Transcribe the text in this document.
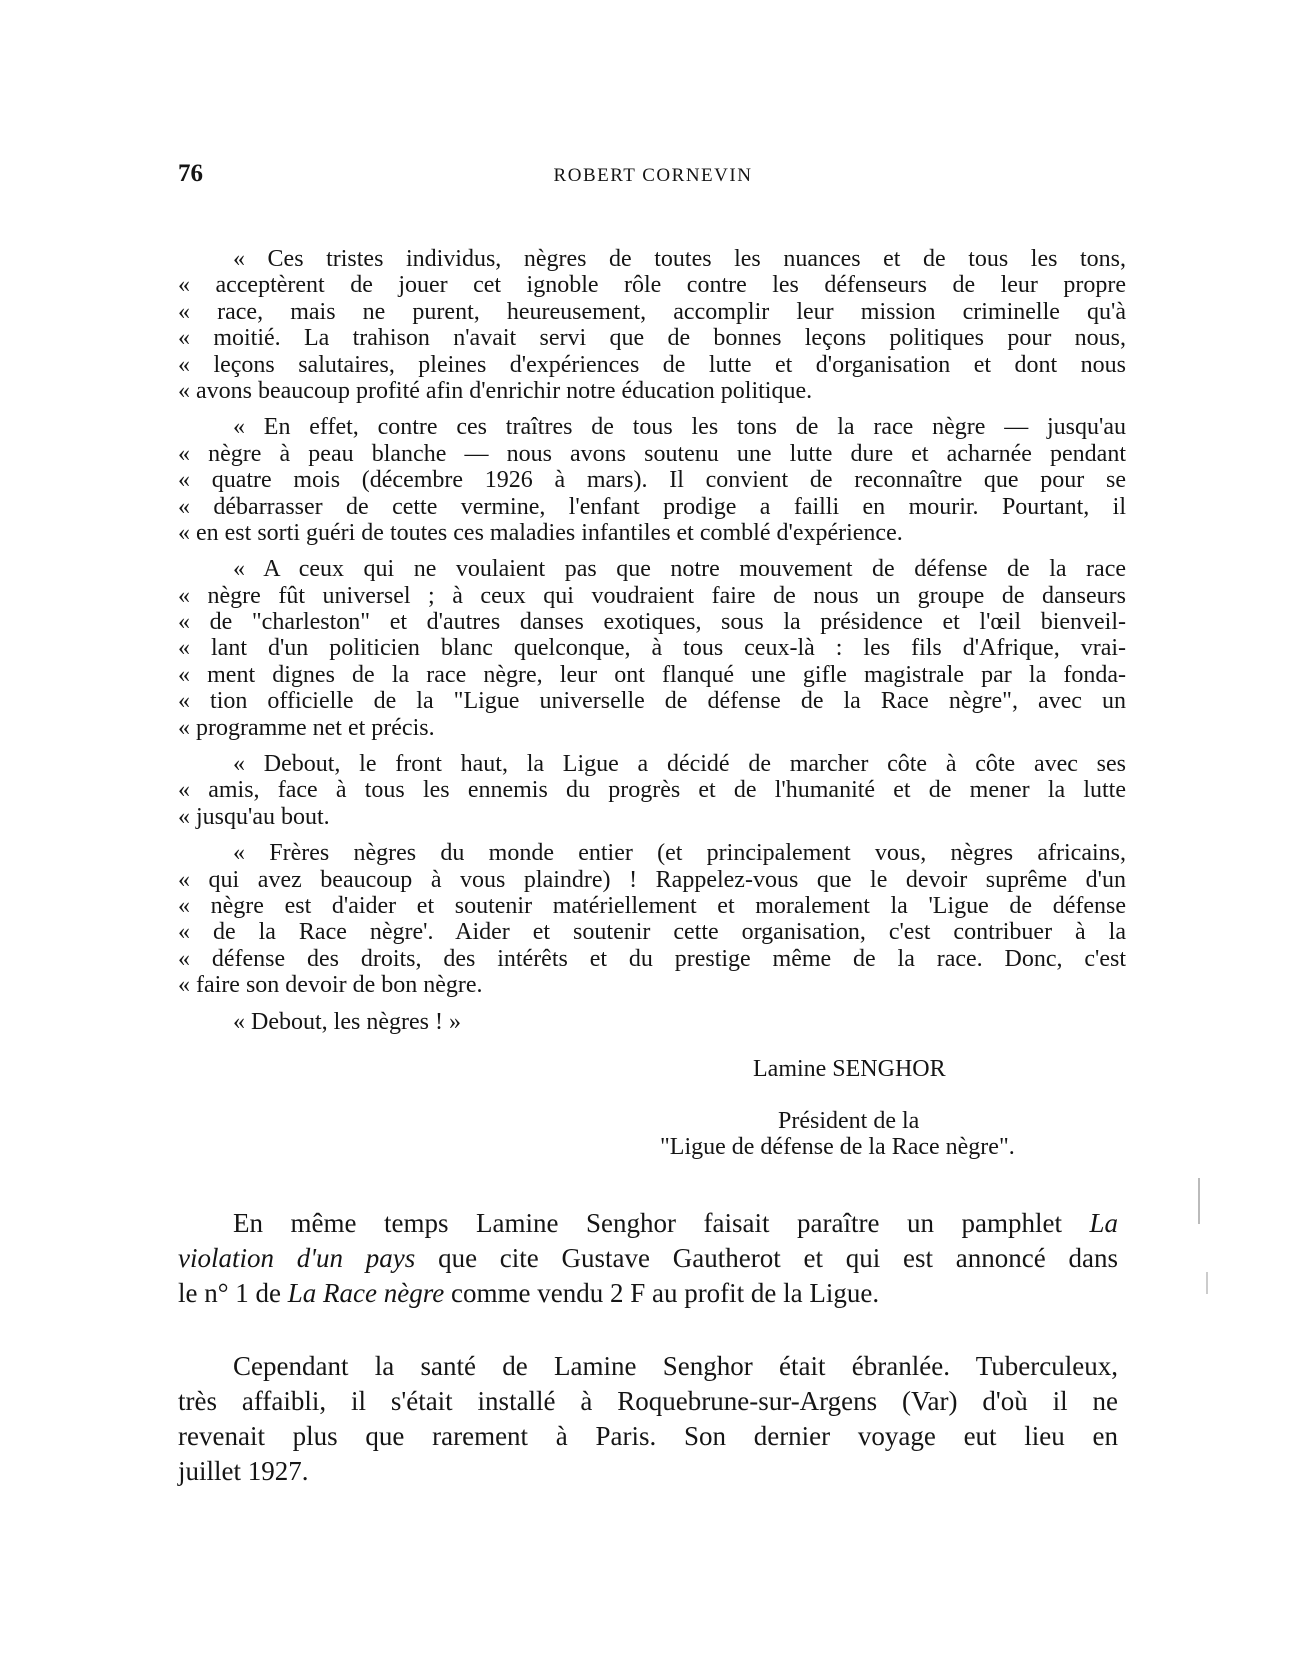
76	ROBERT CORNEVIN

« Ces tristes individus, nègres de toutes les nuances et de tous les tons,
« acceptèrent de jouer cet ignoble rôle contre les défenseurs de leur propre
« race, mais ne purent, heureusement, accomplir leur mission criminelle qu'à
« moitié. La trahison n'avait servi que de bonnes leçons politiques pour nous,
« leçons salutaires, pleines d'expériences de lutte et d'organisation et dont nous
« avons beaucoup profité afin d'enrichir notre éducation politique.

« En effet, contre ces traîtres de tous les tons de la race nègre — jusqu'au
« nègre à peau blanche — nous avons soutenu une lutte dure et acharnée pendant
« quatre mois (décembre 1926 à mars). Il convient de reconnaître que pour se
« débarrasser de cette vermine, l'enfant prodige a failli en mourir. Pourtant, il
« en est sorti guéri de toutes ces maladies infantiles et comblé d'expérience.

« A ceux qui ne voulaient pas que notre mouvement de défense de la race
« nègre fût universel ; à ceux qui voudraient faire de nous un groupe de danseurs
« de "charleston" et d'autres danses exotiques, sous la présidence et l'œil bienveil-
« lant d'un politicien blanc quelconque, à tous ceux-là : les fils d'Afrique, vrai-
« ment dignes de la race nègre, leur ont flanqué une gifle magistrale par la fonda-
« tion officielle de la "Ligue universelle de défense de la Race nègre", avec un
« programme net et précis.

« Debout, le front haut, la Ligue a décidé de marcher côte à côte avec ses
« amis, face à tous les ennemis du progrès et de l'humanité et de mener la lutte
« jusqu'au bout.

« Frères nègres du monde entier (et principalement vous, nègres africains,
« qui avez beaucoup à vous plaindre) ! Rappelez-vous que le devoir suprême d'un
« nègre est d'aider et soutenir matériellement et moralement la 'Ligue de défense
« de la Race nègre'. Aider et soutenir cette organisation, c'est contribuer à la
« défense des droits, des intérêts et du prestige même de la race. Donc, c'est
« faire son devoir de bon nègre.

« Debout, les nègres ! »

Lamine SENGHOR
Président de la
"Ligue de défense de la Race nègre".
En même temps Lamine Senghor faisait paraître un pamphlet La
violation d'un pays que cite Gustave Gautherot et qui est annoncé dans
le n° 1 de La Race nègre comme vendu 2 F au profit de la Ligue.
Cependant la santé de Lamine Senghor était ébranlée. Tuberculeux,
très affaibli, il s'était installé à Roquebrune-sur-Argens (Var) d'où il ne
revenait plus que rarement à Paris. Son dernier voyage eut lieu en
juillet 1927.
